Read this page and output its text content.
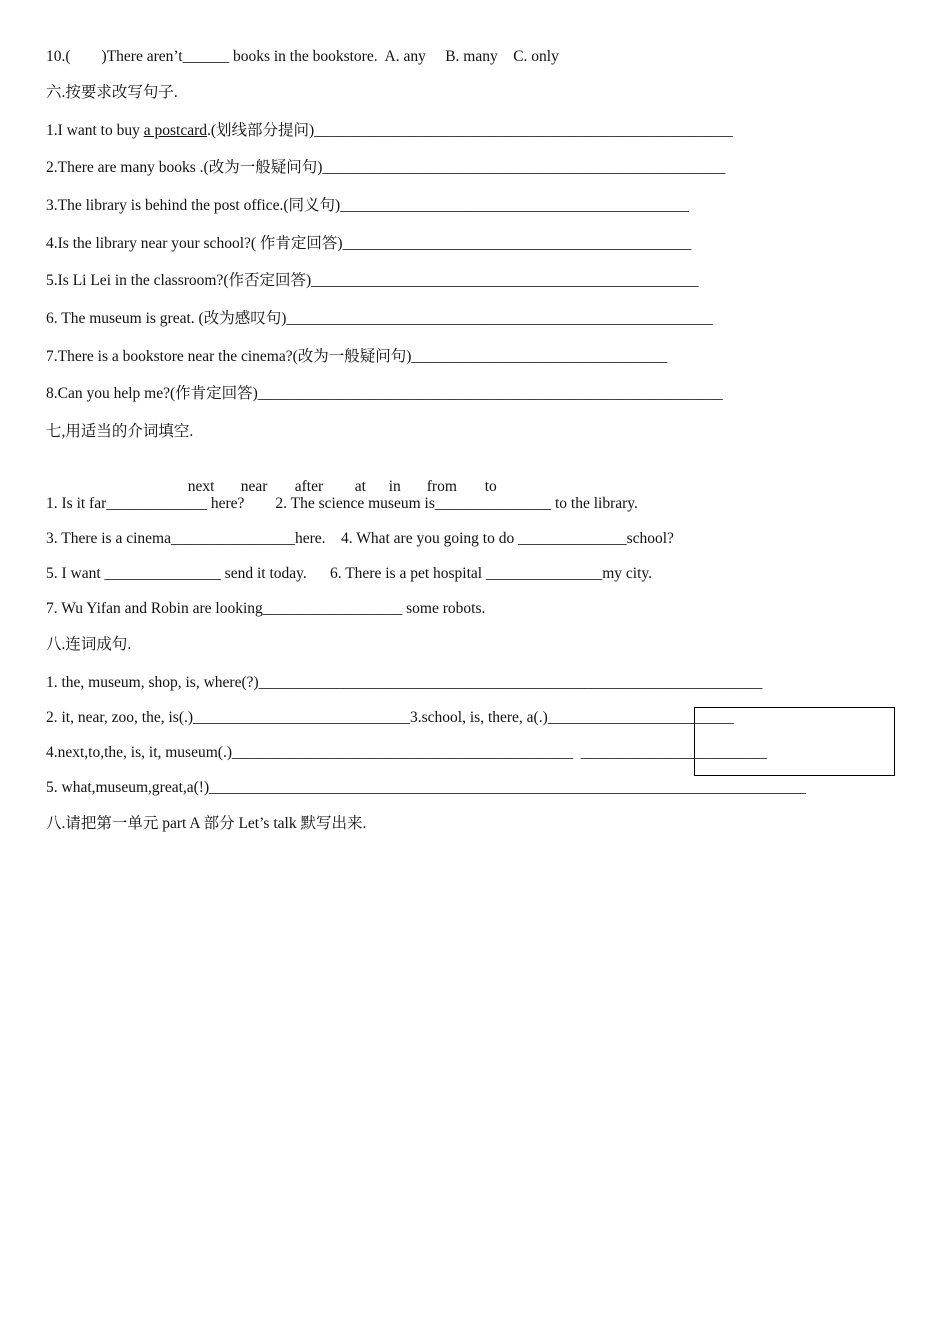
10.(        )There aren’t______ books in the bookstore.  A. any     B. many    C. only
六.按要求改写句子.
1.I want to buy a postcard.(划线部分提问)______________________________________________________
2.There are many books .(改为一般疑问句)____________________________________________________
3.The library is behind the post office.(同义句)_____________________________________________
4.Is the library near your school?( 作肯定回答)_____________________________________________
5.Is Li Lei in the classroom?(作否定回答)__________________________________________________
6. The museum is great. (改为感叹句)_______________________________________________________
7.There is a bookstore near the cinema?(改为一般疑问句)_________________________________
8.Can you help me?(作肯定回答)____________________________________________________________
七,用适当的介词填空.

next near after at in from to

1. Is it far_____________ here?        2. The science museum is_______________ to the library.
3. There is a cinema________________here.    4. What are you going to do ______________school?
5. I want _______________ send it today.      6. There is a pet hospital _______________my city.
7. Wu Yifan and Robin are looking__________________ some robots.
八.连词成句.
1. the, museum, shop, is, where(?)_________________________________________________________________
2. it, near, zoo, the, is(.)____________________________3.school, is, there, a(.)________________________
4.next,to,the, is, it, museum(.)____________________________________________  ________________________
5. what,museum,great,a(!)_____________________________________________________________________________
八.请把第一单元 part A 部分 Let’s talk 默写出来.
